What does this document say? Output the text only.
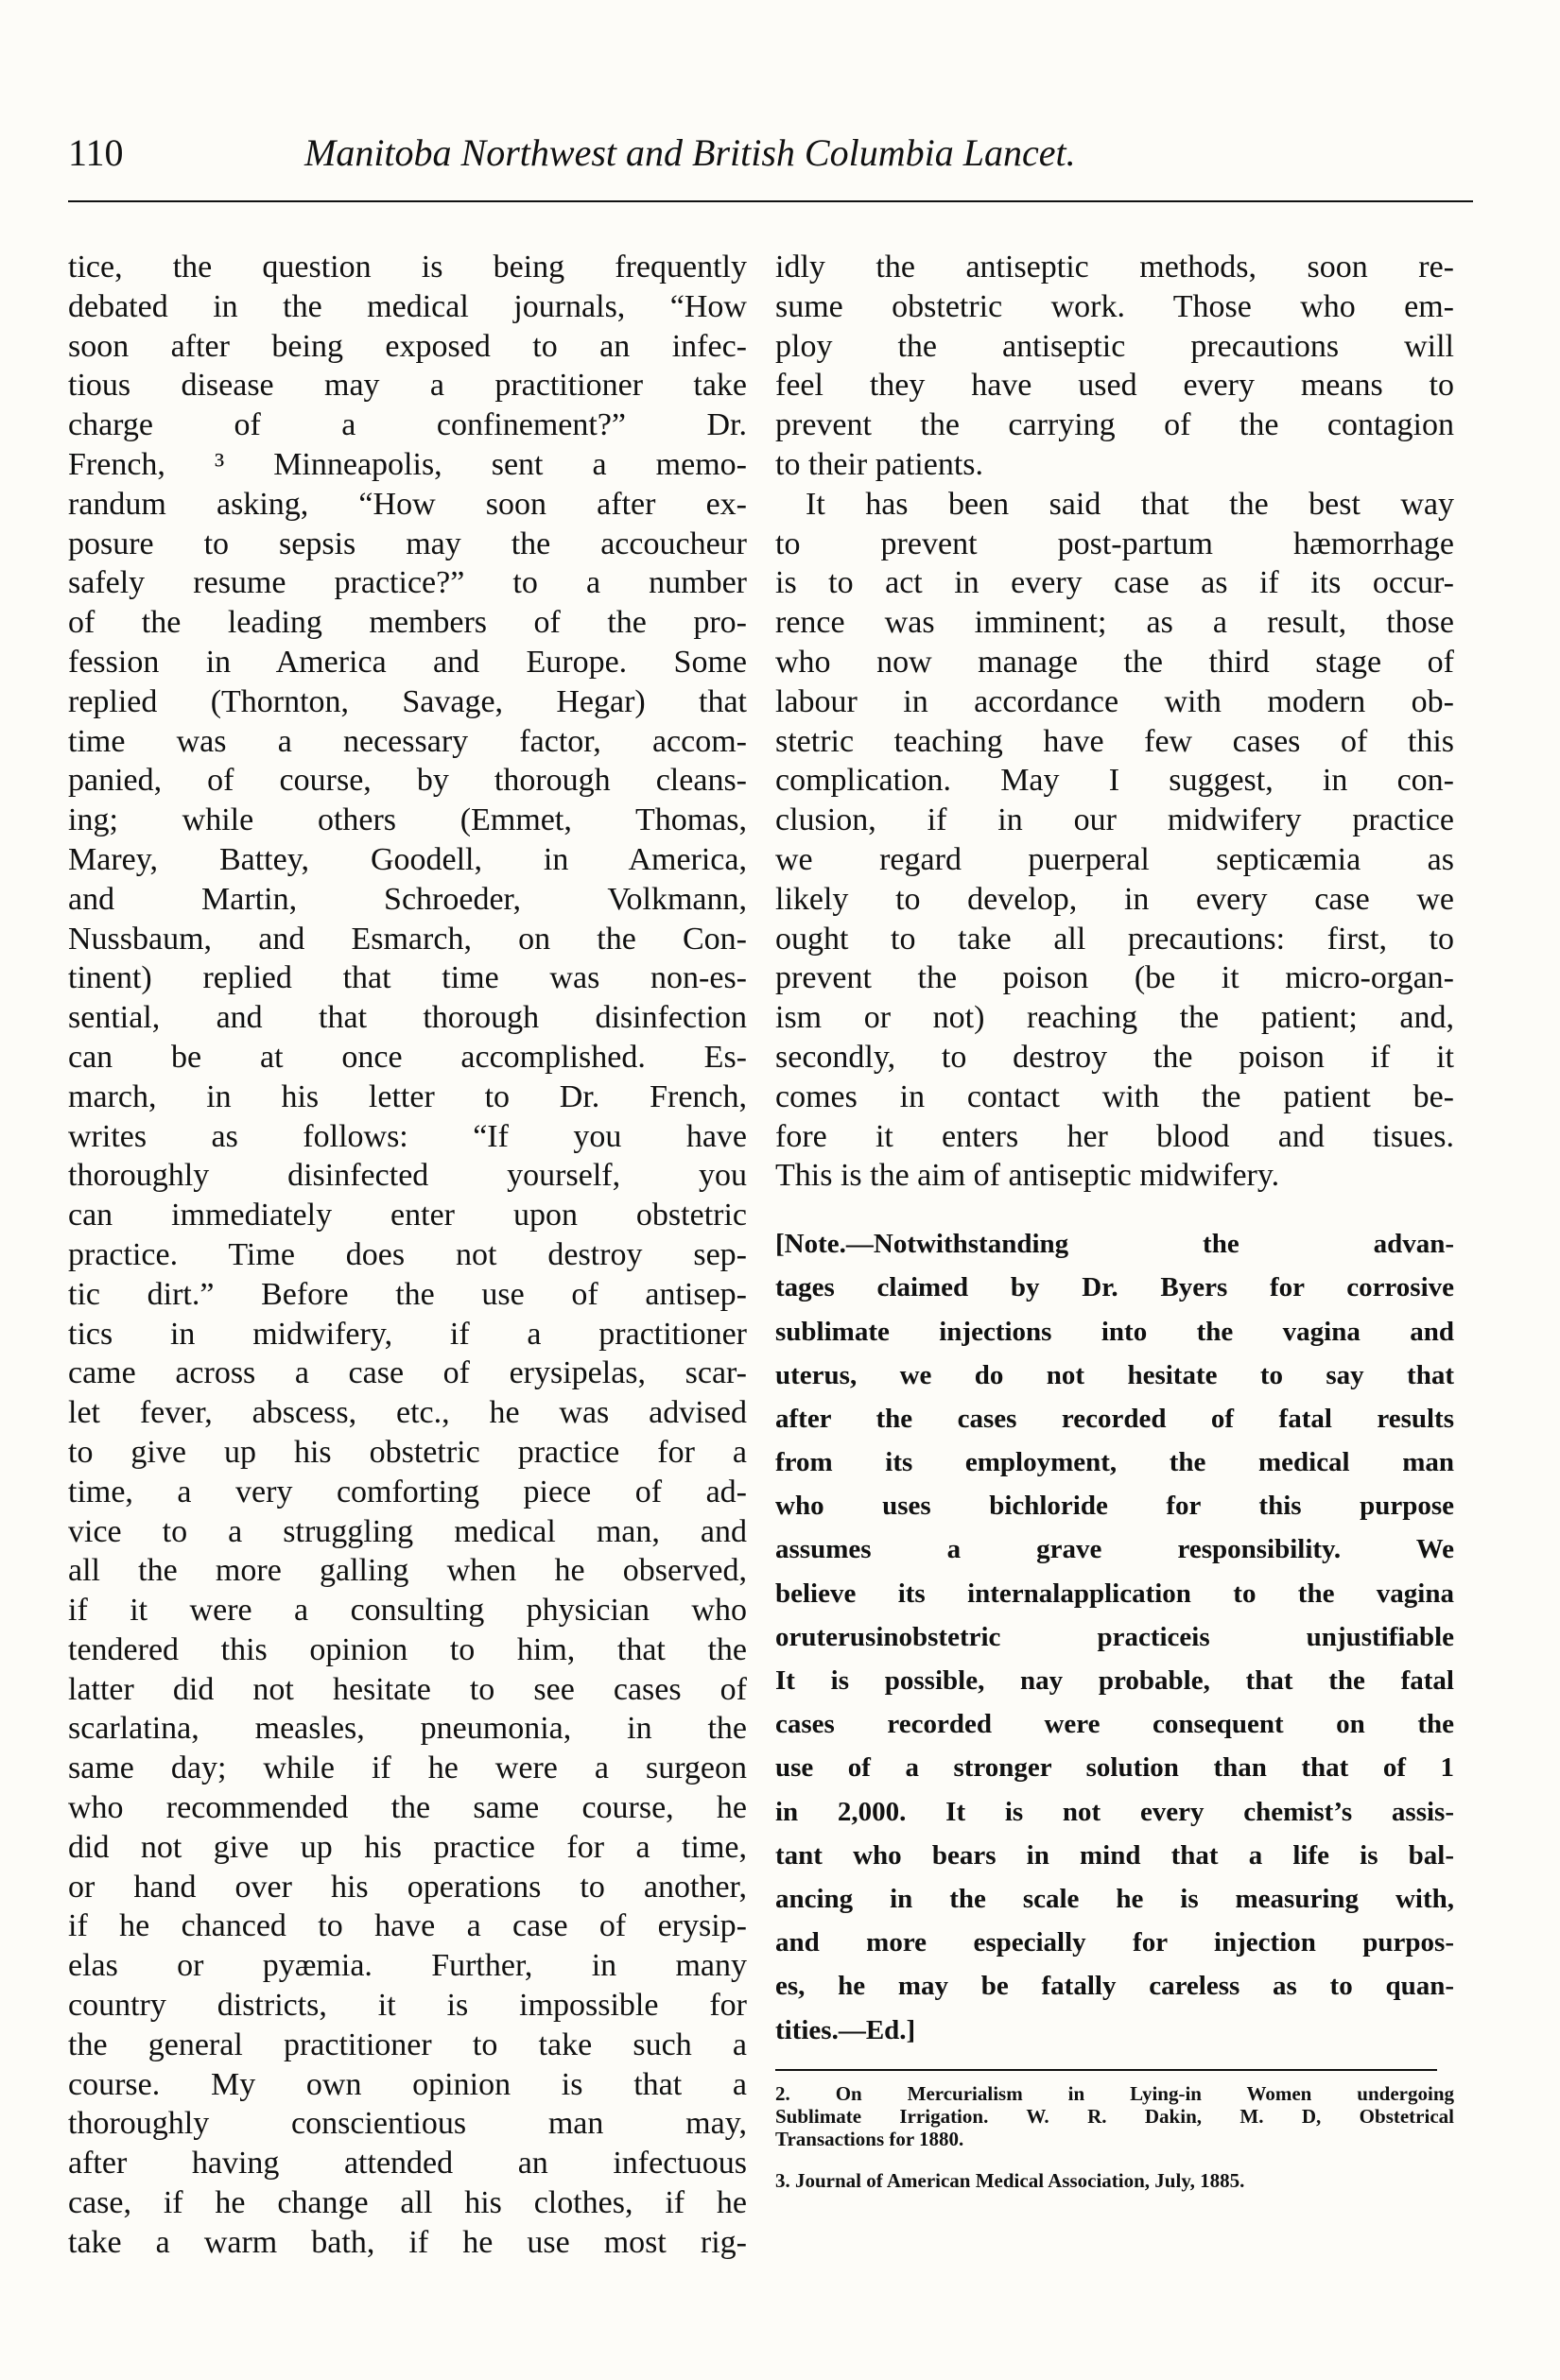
110	Manitoba Northwest and British Columbia Lancet.
tice, the question is being frequently
debated in the medical journals, “How
soon after being exposed to an infec-
tious disease may a practitioner take
charge of a confinement?” Dr.
French, ³ Minneapolis, sent a memo-
randum asking, “How soon after ex-
posure to sepsis may the accoucheur
safely resume practice?” to a number
of the leading members of the pro-
fession in America and Europe. Some
replied (Thornton, Savage, Hegar) that
time was a necessary factor, accom-
panied, of course, by thorough cleans-
ing; while others (Emmet, Thomas,
Marey, Battey, Goodell, in America,
and Martin, Schroeder, Volkmann,
Nussbaum, and Esmarch, on the Con-
tinent) replied that time was non-es-
sential, and that thorough disinfection
can be at once accomplished. Es-
march, in his letter to Dr. French,
writes as follows: “If you have
thoroughly disinfected yourself, you
can immediately enter upon obstetric
practice. Time does not destroy sep-
tic dirt.” Before the use of antisep-
tics in midwifery, if a practitioner
came across a case of erysipelas, scar-
let fever, abscess, etc., he was advised
to give up his obstetric practice for a
time, a very comforting piece of ad-
vice to a struggling medical man, and
all the more galling when he observed,
if it were a consulting physician who
tendered this opinion to him, that the
latter did not hesitate to see cases of
scarlatina, measles, pneumonia, in the
same day; while if he were a surgeon
who recommended the same course, he
did not give up his practice for a time,
or hand over his operations to another,
if he chanced to have a case of erysip-
elas or pyæmia. Further, in many
country districts, it is impossible for
the general practitioner to take such a
course. My own opinion is that a
thoroughly conscientious man may,
after having attended an infectuous
case, if he change all his clothes, if he
take a warm bath, if he use most rig-
idly the antiseptic methods, soon re-
sume obstetric work. Those who em-
ploy the antiseptic precautions will
feel they have used every means to
prevent the carrying of the contagion
to their patients.
It has been said that the best way
to prevent post-partum hæmorrhage
is to act in every case as if its occur-
rence was imminent; as a result, those
who now manage the third stage of
labour in accordance with modern ob-
stetric teaching have few cases of this
complication. May I suggest, in con-
clusion, if in our midwifery practice
we regard puerperal septicæmia as
likely to develop, in every case we
ought to take all precautions: first, to
prevent the poison (be it micro-organ-
ism or not) reaching the patient; and,
secondly, to destroy the poison if it
comes in contact with the patient be-
fore it enters her blood and tisues.
This is the aim of antiseptic midwifery.
[Note.—Notwithstanding the advan-
tages claimed by Dr. Byers for corrosive
sublimate injections into the vagina and
uterus, we do not hesitate to say that
after the cases recorded of fatal results
from its employment, the medical man
who uses bichloride for this purpose
assumes a grave responsibility. We
believe its internalapplication to the vagina
oruterusinobstetric practiceis unjustifiable
It is possible, nay probable, that the fatal
cases recorded were consequent on the
use of a stronger solution than that of 1
in 2,000. It is not every chemist’s assis-
tant who bears in mind that a life is bal-
ancing in the scale he is measuring with,
and more especially for injection purpos-
es, he may be fatally careless as to quan-
tities.—Ed.]
2. On Mercurialism in Lying-in Women undergoing
Sublimate Irrigation. W. R. Dakin, M. D, Obstetrical
Transactions for 1880.
3. Journal of American Medical Association, July, 1885.
